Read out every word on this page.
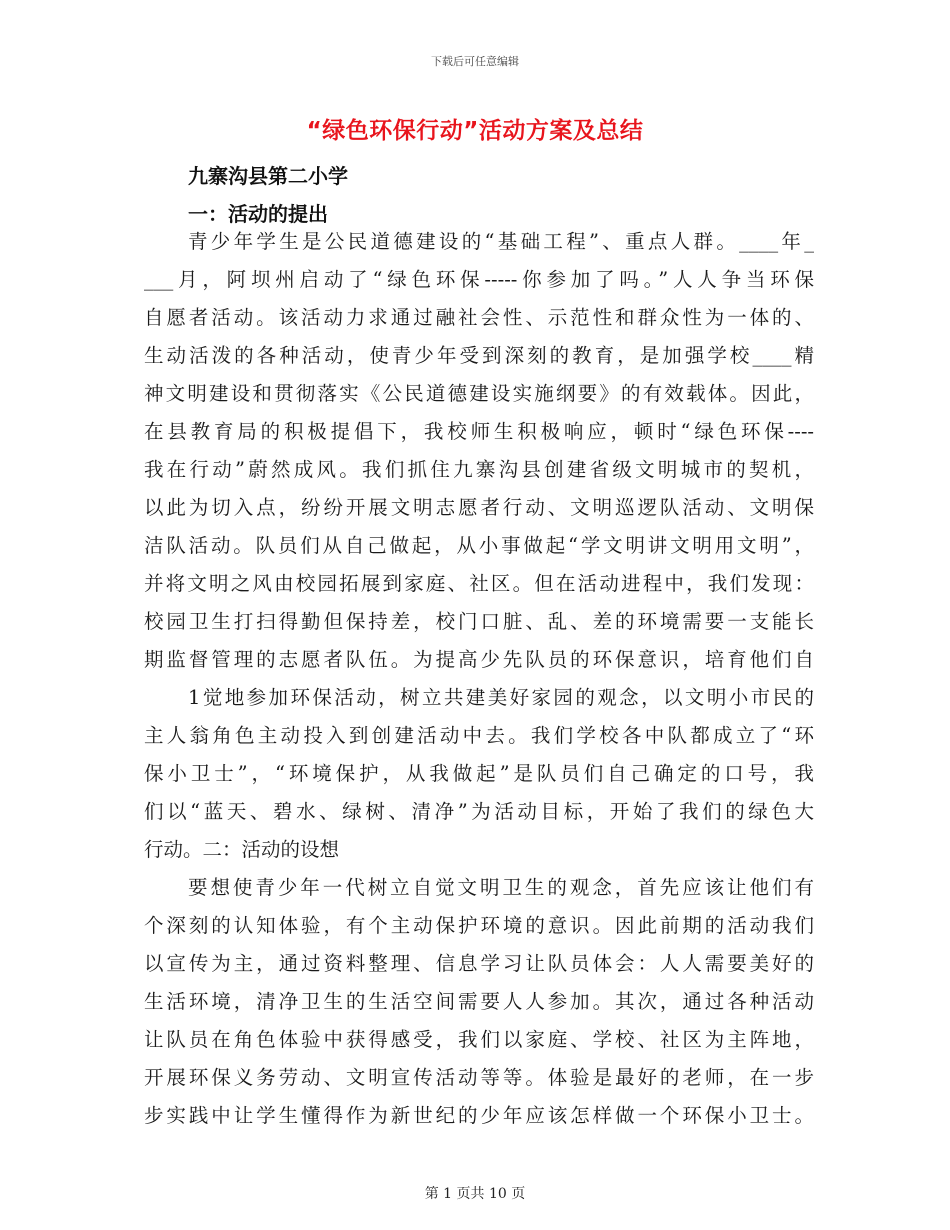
下载后可任意编辑
“绿色环保行动”活动方案及总结
九寨沟县第二小学
一：活动的提出
青少年学生是公民道德建设的“基础工程”、重点人群。____年_
___月，阿坝州启动了“绿色环保-----你参加了吗。”人人争当环保
自愿者活动。该活动力求通过融社会性、示范性和群众性为一体的、
生动活泼的各种活动，使青少年受到深刻的教育，是加强学校____精
神文明建设和贯彻落实《公民道德建设实施纲要》的有效载体。因此，
在县教育局的积极提倡下，我校师生积极响应，顿时“绿色环保----
我在行动”蔚然成风。我们抓住九寨沟县创建省级文明城市的契机，
以此为切入点，纷纷开展文明志愿者行动、文明巡逻队活动、文明保
洁队活动。队员们从自己做起，从小事做起“学文明讲文明用文明”，
并将文明之风由校园拓展到家庭、社区。但在活动进程中，我们发现：
校园卫生打扫得勤但保持差，校门口脏、乱、差的环境需要一支能长
期监督管理的志愿者队伍。为提高少先队员的环保意识，培育他们自
1觉地参加环保活动，树立共建美好家园的观念，以文明小市民的
主人翁角色主动投入到创建活动中去。我们学校各中队都成立了“环
保小卫士”，“环境保护，从我做起”是队员们自己确定的口号，我
们以“蓝天、碧水、绿树、清净”为活动目标，开始了我们的绿色大
行动。二：活动的设想
要想使青少年一代树立自觉文明卫生的观念，首先应该让他们有
个深刻的认知体验，有个主动保护环境的意识。因此前期的活动我们
以宣传为主，通过资料整理、信息学习让队员体会：人人需要美好的
生活环境，清净卫生的生活空间需要人人参加。其次，通过各种活动
让队员在角色体验中获得感受，我们以家庭、学校、社区为主阵地，
开展环保义务劳动、文明宣传活动等等。体验是最好的老师，在一步
步实践中让学生懂得作为新世纪的少年应该怎样做一个环保小卫士。
第 1 页共 10 页
